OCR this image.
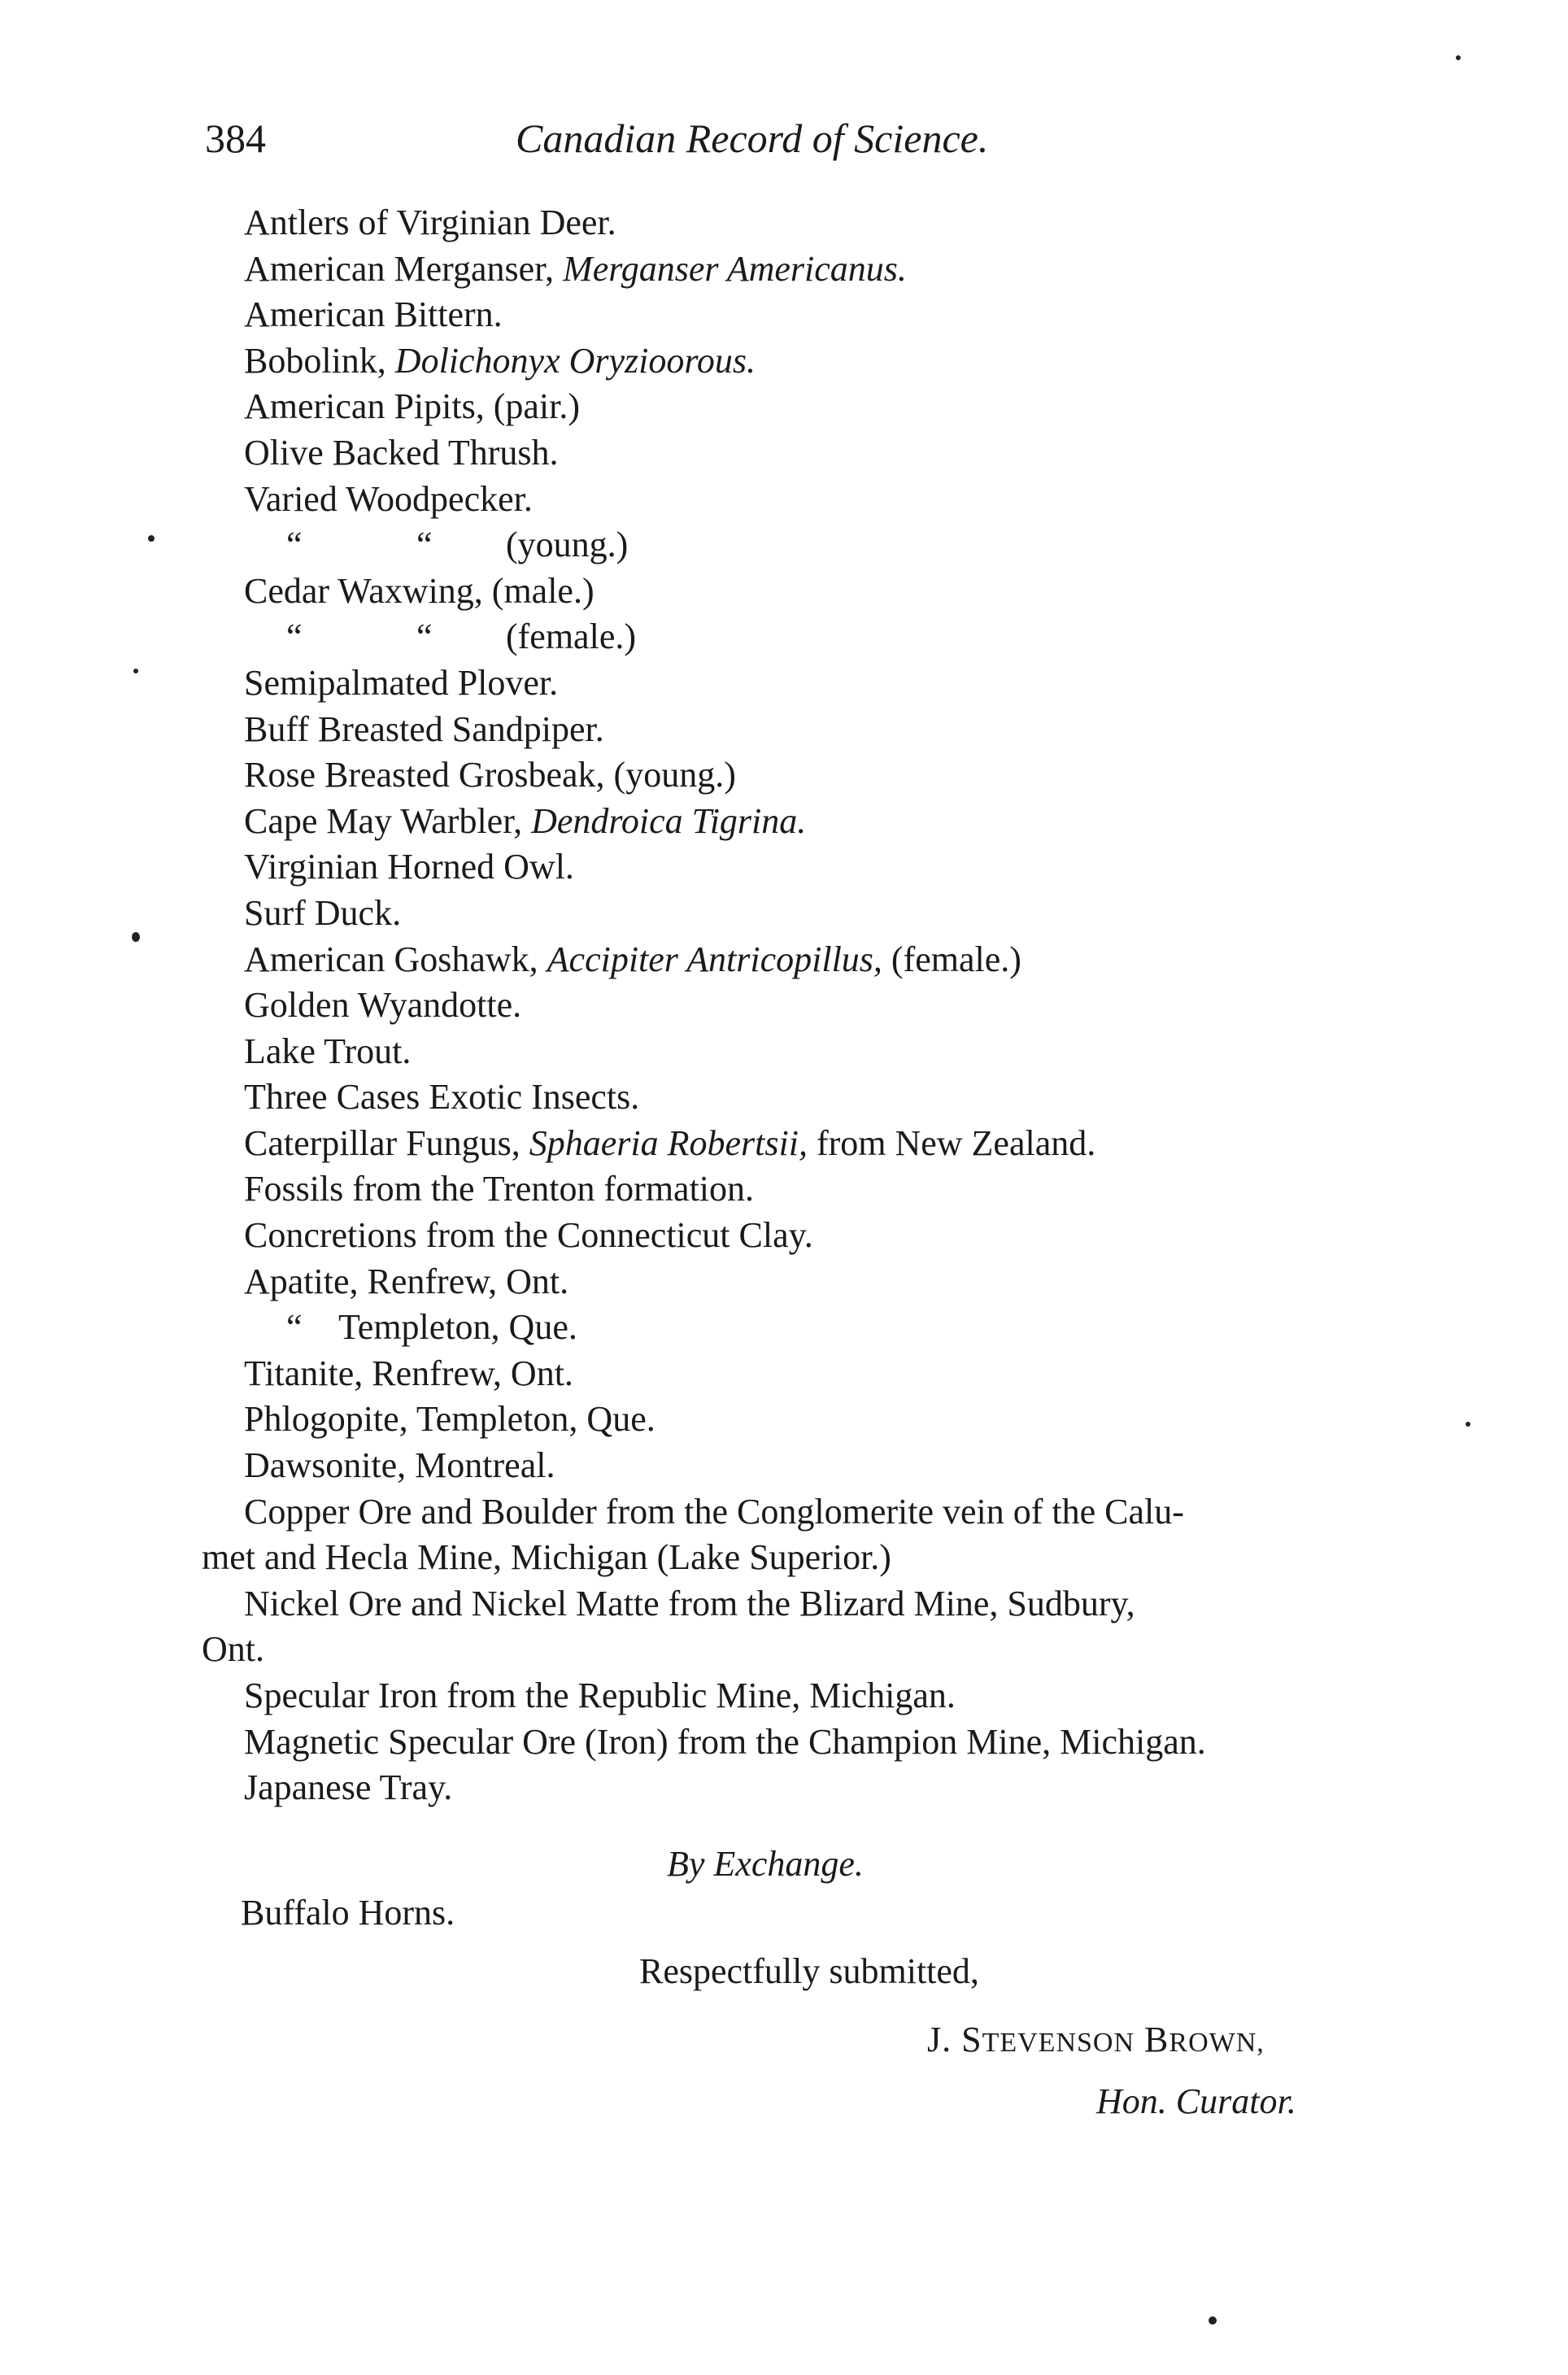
384	Canadian Record of Science.
Antlers of Virginian Deer.
American Merganser, Merganser Americanus.
American Bittern.
Bobolink, Dolichonyx Oryzioorous.
American Pipits, (pair.)
Olive Backed Thrush.
Varied Woodpecker.
“	“ (young.)
Cedar Waxwing, (male.)
“	“ (female.)
Semipalmated Plover.
Buff Breasted Sandpiper.
Rose Breasted Grosbeak, (young.)
Cape May Warbler, Dendroica Tigrina.
Virginian Horned Owl.
Surf Duck.
American Goshawk, Accipiter Antricopillus, (female.)
Golden Wyandotte.
Lake Trout.
Three Cases Exotic Insects.
Caterpillar Fungus, Sphaeria Robertsii, from New Zealand.
Fossils from the Trenton formation.
Concretions from the Connecticut Clay.
Apatite, Renfrew, Ont.
“ Templeton, Que.
Titanite, Renfrew, Ont.
Phlogopite, Templeton, Que.
Dawsonite, Montreal.
Copper Ore and Boulder from the Conglomerite vein of the Calu-
met and Hecla Mine, Michigan (Lake Superior.)
Nickel Ore and Nickel Matte from the Blizard Mine, Sudbury,
Ont.
Specular Iron from the Republic Mine, Michigan.
Magnetic Specular Ore (Iron) from the Champion Mine, Michigan.
Japanese Tray.
By Exchange.
Buffalo Horns.
Respectfully submitted,
J. STEVENSON BROWN,
Hon. Curator.
